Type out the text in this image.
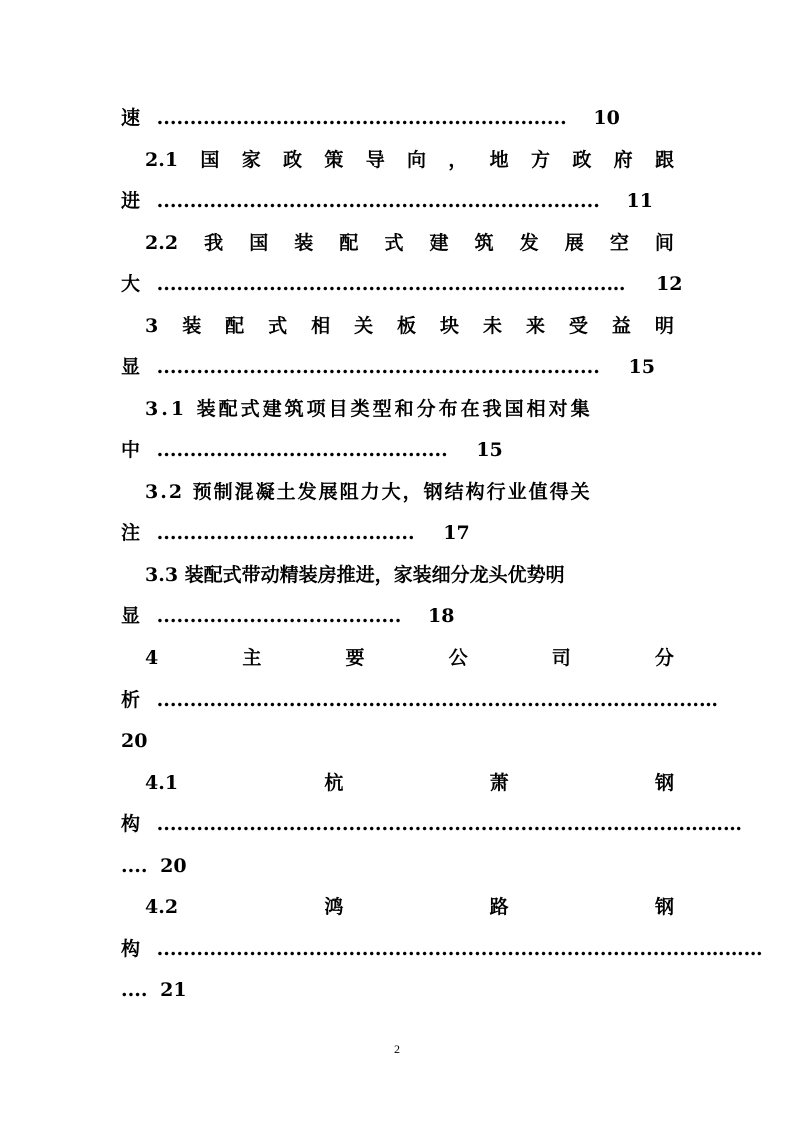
速 .............................................................. 10
2.1 国 家 政 策 导 向 ， 地 方 政 府 跟
进 ................................................................... 11
2.2 我 国 装 配 式 建 筑 发 展 空 间
大 ....................................................................… 12
3 装 配 式 相 关 板 块 未 来 受 益 明
显 ................................................................... 15
3.1 装配式建筑项目类型和分布在我国相对集
中 ............................................ 15
3.2 预制混凝土发展阻力大，钢结构行业值得关
注 ....................................... 17
3.3 装配式带动精装房推进，家装细分龙头优势明
显 ..................................... 18
4	主	要	公	司	分
析 ..................................................................................…
20
4.1	杭	萧	钢
构 .............................................................................…………
.... 20
4.2	鸿	路	钢
构 ...................................................................................………
.... 21
2
